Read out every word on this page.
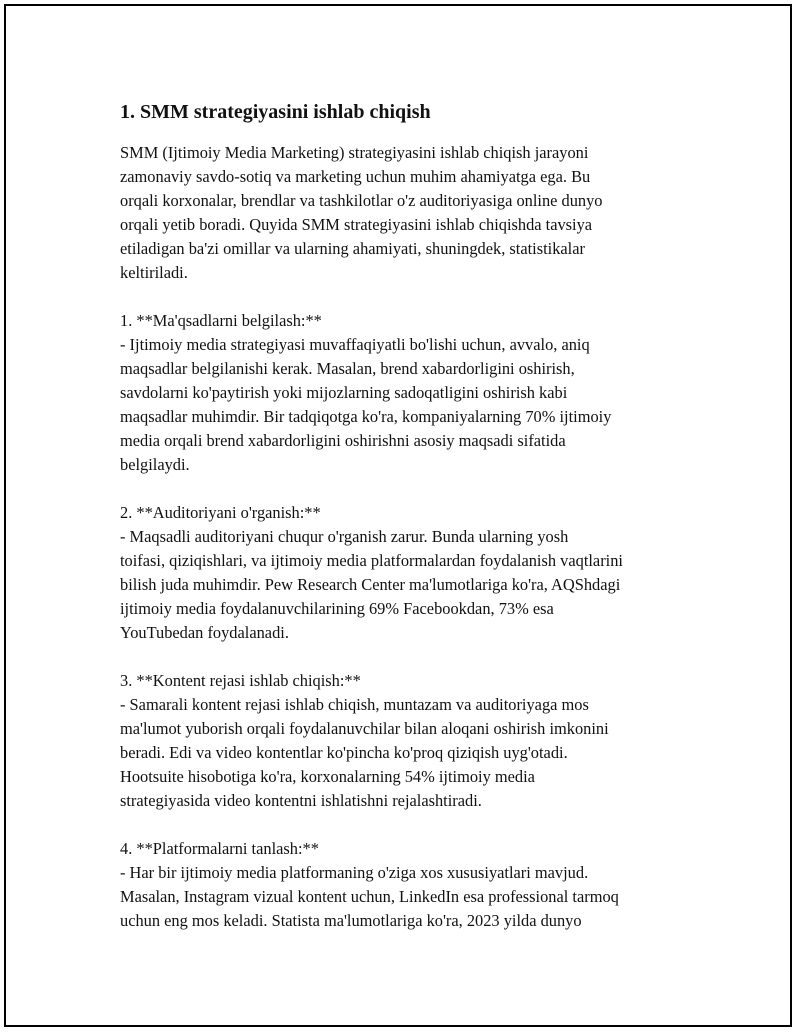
1. SMM strategiyasini ishlab chiqish

SMM (Ijtimoiy Media Marketing) strategiyasini ishlab chiqish jarayoni
zamonaviy savdo-sotiq va marketing uchun muhim ahamiyatga ega. Bu
orqali korxonalar, brendlar va tashkilotlar o'z auditoriyasiga online dunyo
orqali yetib boradi. Quyida SMM strategiyasini ishlab chiqishda tavsiya
etiladigan ba'zi omillar va ularning ahamiyati, shuningdek, statistikalar
keltiriladi.

1. **Ma'qsadlarni belgilash:**

- Ijtimoiy media strategiyasi muvaffaqiyatli bo'lishi uchun, avvalo, aniq
maqsadlar belgilanishi kerak. Masalan, brend xabardorligini oshirish,
savdolarni ko'paytirish yoki mijozlarning sadoqatligini oshirish kabi
maqsadlar muhimdir. Bir tadqiqotga ko'ra, kompaniyalarning 70% ijtimoiy
media orqali brend xabardorligini oshirishni asosiy maqsadi sifatida
belgilaydi.

2. **Auditoriyani o'rganish:**

- Maqsadli auditoriyani chuqur o'rganish zarur. Bunda ularning yosh
toifasi, qiziqishlari, va ijtimoiy media platformalardan foydalanish vaqtlarini
bilish juda muhimdir. Pew Research Center ma'lumotlariga ko'ra, AQShdagi
ijtimoiy media foydalanuvchilarining 69% Facebookdan, 73% esa
YouTubedan foydalanadi.

3. **Kontent rejasi ishlab chiqish:**

- Samarali kontent rejasi ishlab chiqish, muntazam va auditoriyaga mos
ma'lumot yuborish orqali foydalanuvchilar bilan aloqani oshirish imkonini
beradi. Edi va video kontentlar ko'pincha ko'proq qiziqish uyg'otadi.
Hootsuite hisobotiga ko'ra, korxonalarning 54% ijtimoiy media
strategiyasida video kontentni ishlatishni rejalashtiradi.

4. **Platformalarni tanlash:**

- Har bir ijtimoiy media platformaning o'ziga xos xususiyatlari mavjud.
Masalan, Instagram vizual kontent uchun, LinkedIn esa professional tarmoq
uchun eng mos keladi. Statista ma'lumotlariga ko'ra, 2023 yilda dunyo
